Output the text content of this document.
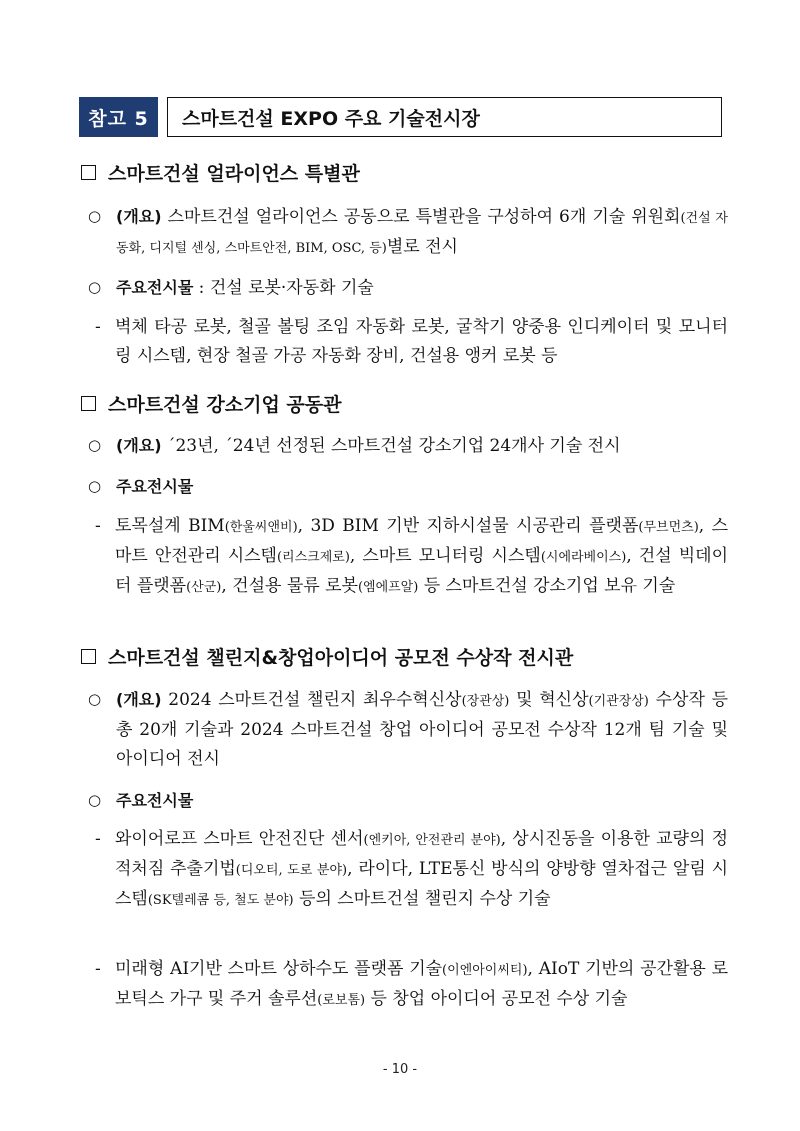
참고 5	스마트건설 EXPO 주요 기술전시장
스마트건설 얼라이언스 특별관
○ (개요) 스마트건설 얼라이언스 공동으로 특별관을 구성하여 6개 기술 위원회(건설 자동화, 디지털 센싱, 스마트안전, BIM, OSC, 등)별로 전시
○ 주요전시물 : 건설 로봇·자동화 기술
- 벽체 타공 로봇, 철골 볼팅 조임 자동화 로봇, 굴착기 양중용 인디케이터 및 모니터링 시스템, 현장 철골 가공 자동화 장비, 건설용 앵커 로봇 등
스마트건설 강소기업 공동관
○ (개요) ´23년, ´24년 선정된 스마트건설 강소기업 24개사 기술 전시
○ 주요전시물
- 토목설계 BIM(한울씨앤비), 3D BIM 기반 지하시설물 시공관리 플랫폼(무브먼츠), 스마트 안전관리 시스템(리스크제로), 스마트 모니터링 시스템(시에라베이스), 건설 빅데이터 플랫폼(산군), 건설용 물류 로봇(엠에프알) 등 스마트건설 강소기업 보유 기술
스마트건설 챌린지&창업아이디어 공모전 수상작 전시관
○ (개요) 2024 스마트건설 챌린지 최우수혁신상(장관상) 및 혁신상(기관장상) 수상작 등 총 20개 기술과 2024 스마트건설 창업 아이디어 공모전 수상작 12개 팀 기술 및 아이디어 전시
○ 주요전시물
- 와이어로프 스마트 안전진단 센서(엔키아, 안전관리 분야), 상시진동을 이용한 교량의 정적처짐 추출기법(디오티, 도로 분야), 라이다, LTE통신 방식의 양방향 열차접근 알림 시스템(SK텔레콤 등, 철도 분야) 등의 스마트건설 챌린지 수상 기술
- 미래형 AI기반 스마트 상하수도 플랫폼 기술(이엔아이씨티), AIoT 기반의 공간활용 로보틱스 가구 및 주거 솔루션(로보톰) 등 창업 아이디어 공모전 수상 기술
- 10 -
